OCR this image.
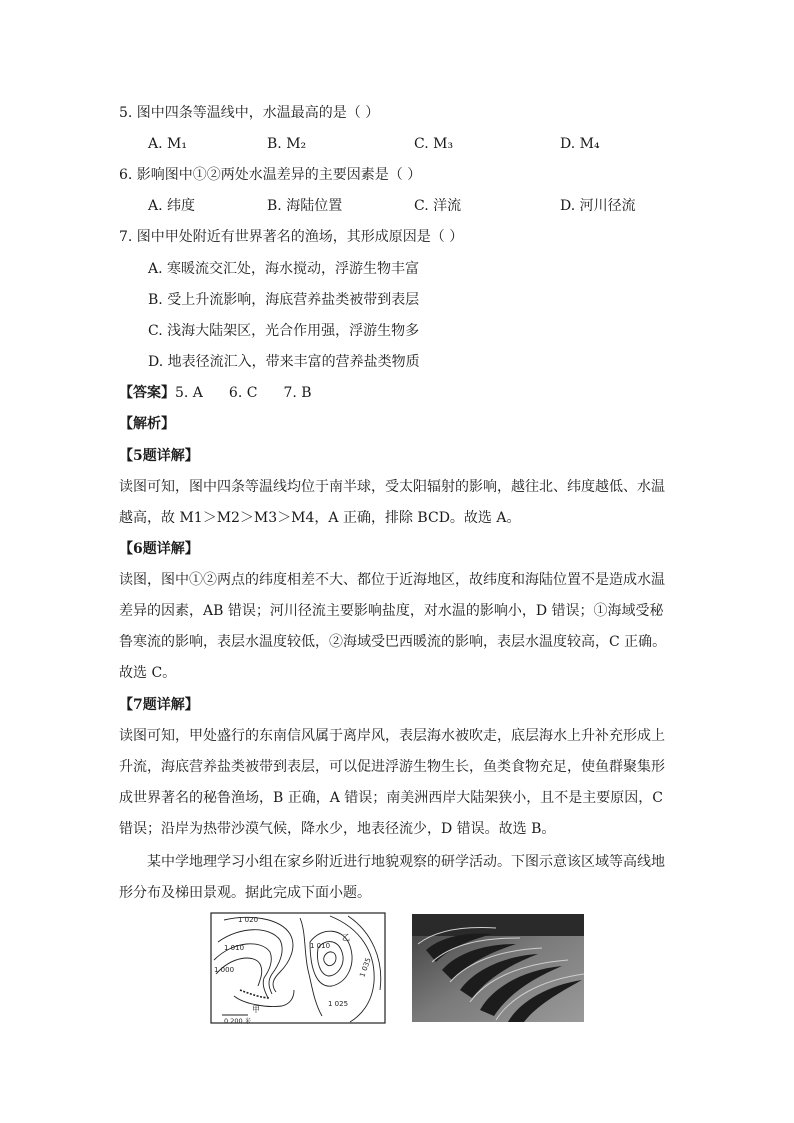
5. 图中四条等温线中，水温最高的是（ ）
A. M₁	B. M₂	C. M₃	D. M₄
6. 影响图中①②两处水温差异的主要因素是（ ）
A. 纬度	B. 海陆位置	C. 洋流	D. 河川径流
7. 图中甲处附近有世界著名的渔场，其形成原因是（ ）
A. 寒暖流交汇处，海水搅动，浮游生物丰富
B. 受上升流影响，海底营养盐类被带到表层
C. 浅海大陆架区，光合作用强，浮游生物多
D. 地表径流汇入，带来丰富的营养盐类物质
【答案】5. A 6. C 7. B
【解析】
【5题详解】
读图可知，图中四条等温线均位于南半球，受太阳辐射的影响，越往北、纬度越低、水温
越高，故 M1＞M2＞M3＞M4，A 正确，排除 BCD。故选 A。
【6题详解】
读图，图中①②两点的纬度相差不大、都位于近海地区，故纬度和海陆位置不是造成水温
差异的因素，AB 错误；河川径流主要影响盐度，对水温的影响小，D 错误；①海域受秘
鲁寒流的影响，表层水温度较低，②海域受巴西暖流的影响，表层水温度较高，C 正确。
故选 C。
【7题详解】
读图可知，甲处盛行的东南信风属于离岸风，表层海水被吹走，底层海水上升补充形成上
升流，海底营养盐类被带到表层，可以促进浮游生物生长，鱼类食物充足，使鱼群聚集形
成世界著名的秘鲁渔场，B 正确，A 错误；南美洲西岸大陆架狭小，且不是主要原因，C
错误；沿岸为热带沙漠气候，降水少，地表径流少，D 错误。故选 B。
某中学地理学习小组在家乡附近进行地貌观察的研学活动。下图示意该区域等高线地
形分布及梯田景观。据此完成下面小题。
1 020
1 010
1 000
1 010
1 025
1 035
乙
甲
0 200 米
